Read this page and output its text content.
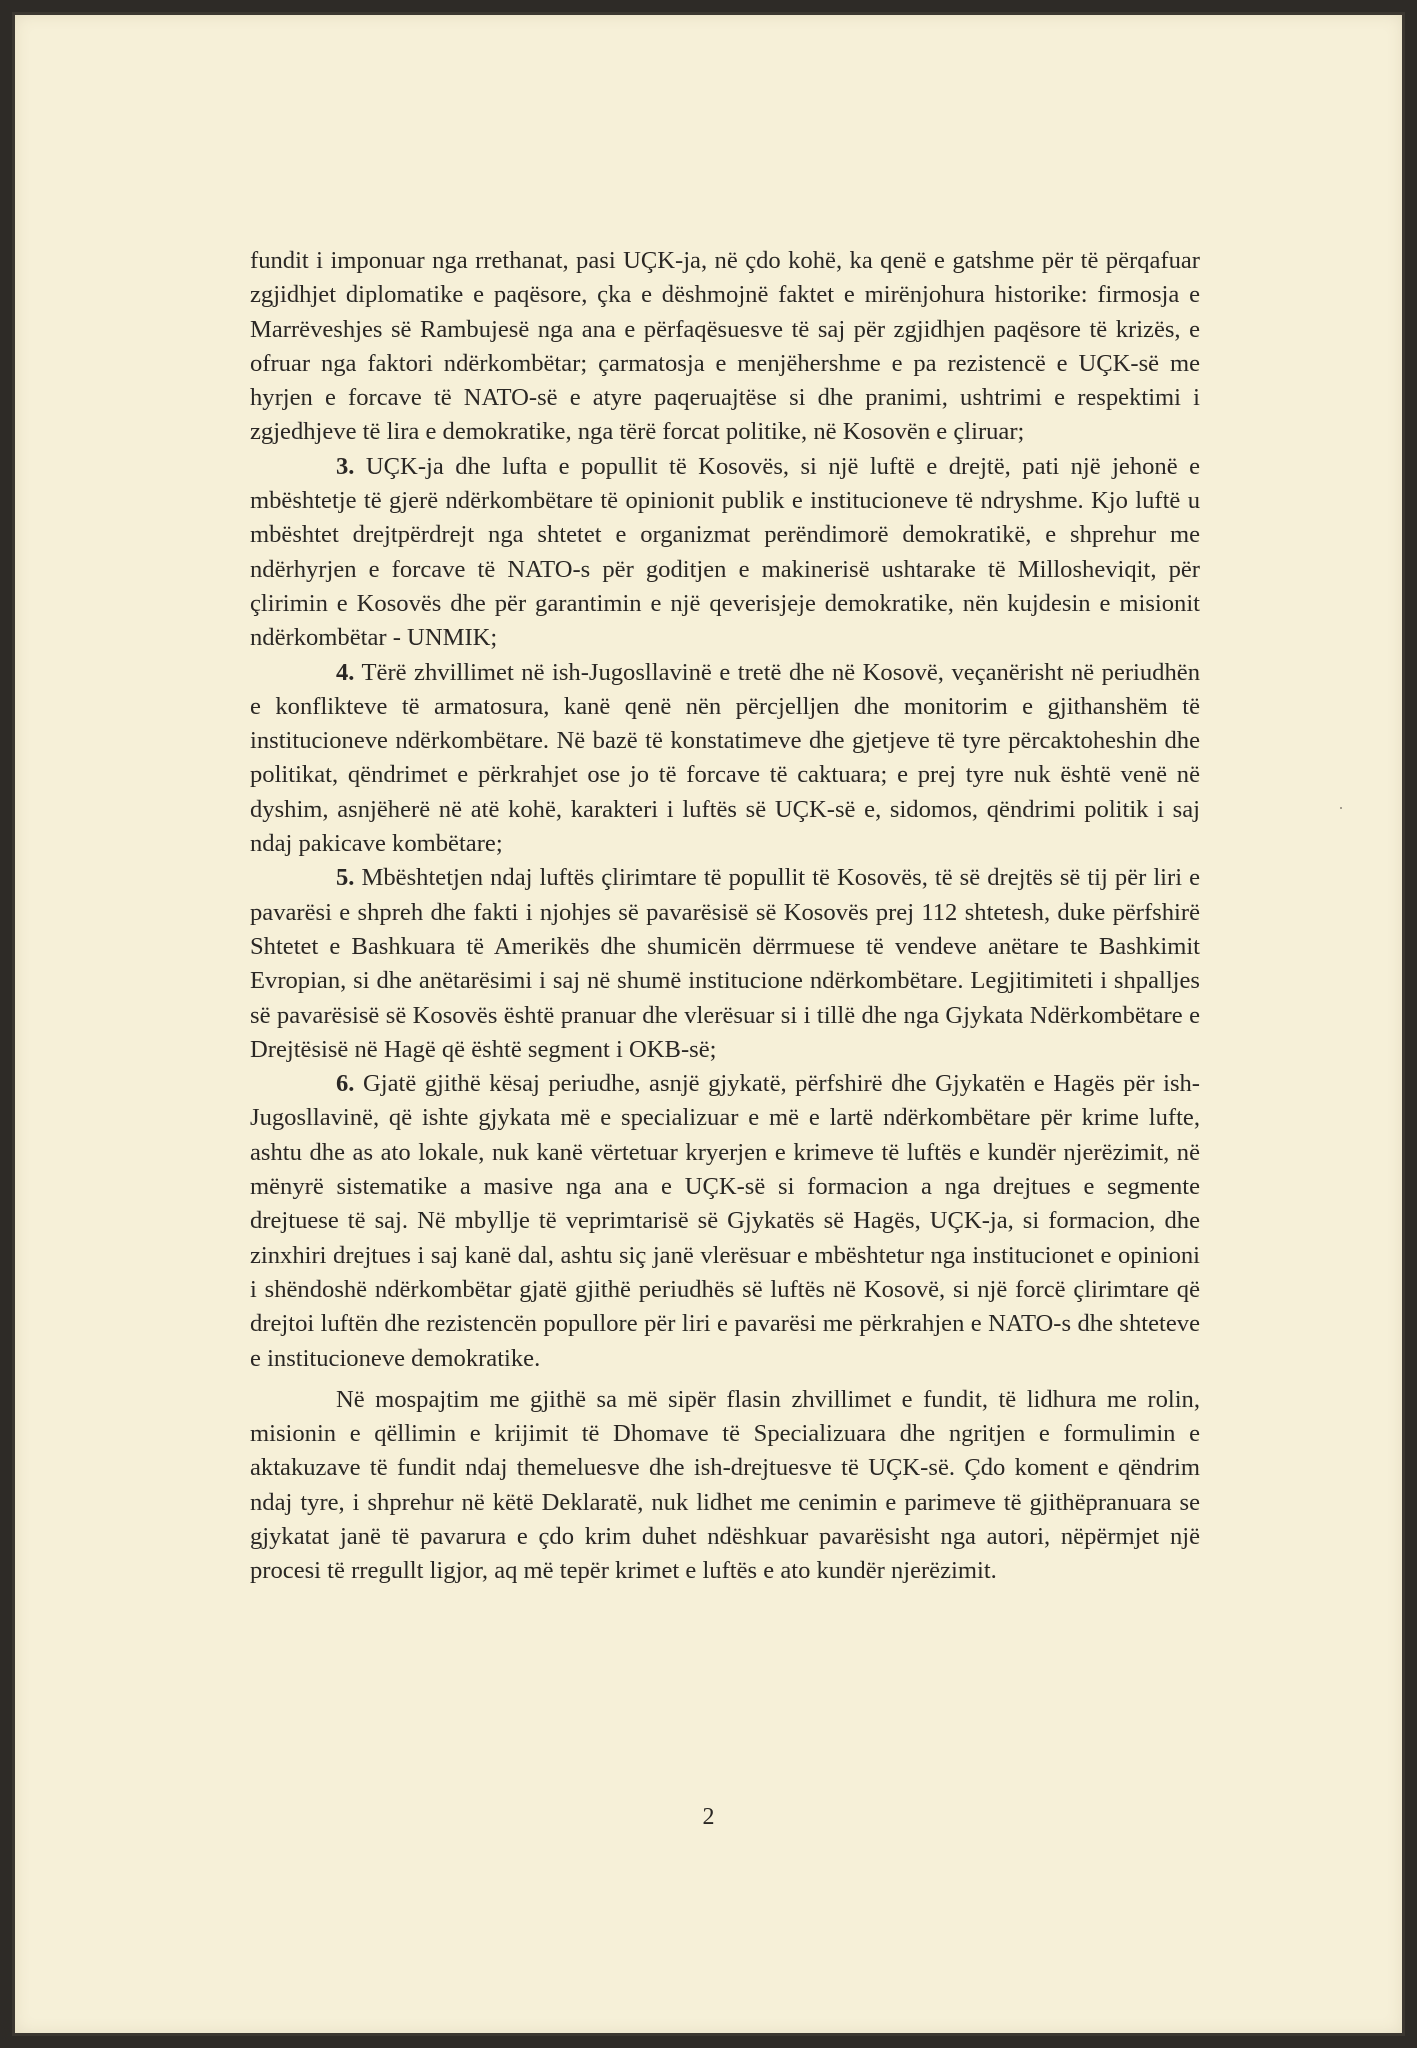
fundit i imponuar nga rrethanat, pasi UÇK-ja, në çdo kohë, ka qenë e gatshme për të përqafuar zgjidhjet diplomatike e paqësore, çka e dëshmojnë faktet e mirënjohura historike: firmosja e Marrëveshjes së Rambujesë nga ana e përfaqësuesve të saj për zgjidhjen paqësore të krizës, e ofruar nga faktori ndërkombëtar; çarmatosja e menjëhershme e pa rezistencë e UÇK-së me hyrjen e forcave të NATO-së e atyre paqeruajtëse si dhe pranimi, ushtrimi e respektimi i zgjedhjeve të lira e demokratike, nga tërë forcat politike, në Kosovën e çliruar;

3. UÇK-ja dhe lufta e popullit të Kosovës, si një luftë e drejtë, pati një jehonë e mbështetje të gjerë ndërkombëtare të opinionit publik e institucioneve të ndryshme. Kjo luftë u mbështet drejtpërdrejt nga shtetet e organizmat perëndimorë demokratikë, e shprehur me ndërhyrjen e forcave të NATO-s për goditjen e makinerisë ushtarake të Millosheviqit, për çlirimin e Kosovës dhe për garantimin e një qeverisjeje demokratike, nën kujdesin e misionit ndërkombëtar - UNMIK;

4. Tërë zhvillimet në ish-Jugosllavinë e tretë dhe në Kosovë, veçanërisht në periudhën e konflikteve të armatosura, kanë qenë nën përcjelljen dhe monitorim e gjithanshëm të institucioneve ndërkombëtare. Në bazë të konstatimeve dhe gjetjeve të tyre përcaktoheshin dhe politikat, qëndrimet e përkrahjet ose jo të forcave të caktuara; e prej tyre nuk është venë në dyshim, asnjëherë në atë kohë, karakteri i luftës së UÇK-së e, sidomos, qëndrimi politik i saj ndaj pakicave kombëtare;

5. Mbështetjen ndaj luftës çlirimtare të popullit të Kosovës, të së drejtës së tij për liri e pavarësi e shpreh dhe fakti i njohjes së pavarësisë së Kosovës prej 112 shtetesh, duke përfshirë Shtetet e Bashkuara të Amerikës dhe shumicën dërrmuese të vendeve anëtare te Bashkimit Evropian, si dhe anëtarësimi i saj në shumë institucione ndërkombëtare. Legjitimiteti i shpalljes së pavarësisë së Kosovës është pranuar dhe vlerësuar si i tillë dhe nga Gjykata Ndërkombëtare e Drejtësisë në Hagë që është segment i OKB-së;

6. Gjatë gjithë kësaj periudhe, asnjë gjykatë, përfshirë dhe Gjykatën e Hagës për ish-Jugosllavinë, që ishte gjykata më e specializuar e më e lartë ndërkombëtare për krime lufte, ashtu dhe as ato lokale, nuk kanë vërtetuar kryerjen e krimeve të luftës e kundër njerëzimit, në mënyrë sistematike a masive nga ana e UÇK-së si formacion a nga drejtues e segmente drejtuese të saj. Në mbyllje të veprimtarisë së Gjykatës së Hagës, UÇK-ja, si formacion, dhe zinxhiri drejtues i saj kanë dal, ashtu siç janë vlerësuar e mbështetur nga institucionet e opinioni i shëndoshë ndërkombëtar gjatë gjithë periudhës së luftës në Kosovë, si një forcë çlirimtare që drejtoi luftën dhe rezistencën popullore për liri e pavarësi me përkrahjen e NATO-s dhe shteteve e institucioneve demokratike.

Në mospajtim me gjithë sa më sipër flasin zhvillimet e fundit, të lidhura me rolin, misionin e qëllimin e krijimit të Dhomave të Specializuara dhe ngritjen e formulimin e aktakuzave të fundit ndaj themeluesve dhe ish-drejtuesve të UÇK-së. Çdo koment e qëndrim ndaj tyre, i shprehur në këtë Deklaratë, nuk lidhet me cenimin e parimeve të gjithëpranuara se gjykatat janë të pavarura e çdo krim duhet ndëshkuar pavarësisht nga autori, nëpërmjet një procesi të rregullt ligjor, aq më tepër krimet e luftës e ato kundër njerëzimit.

2
